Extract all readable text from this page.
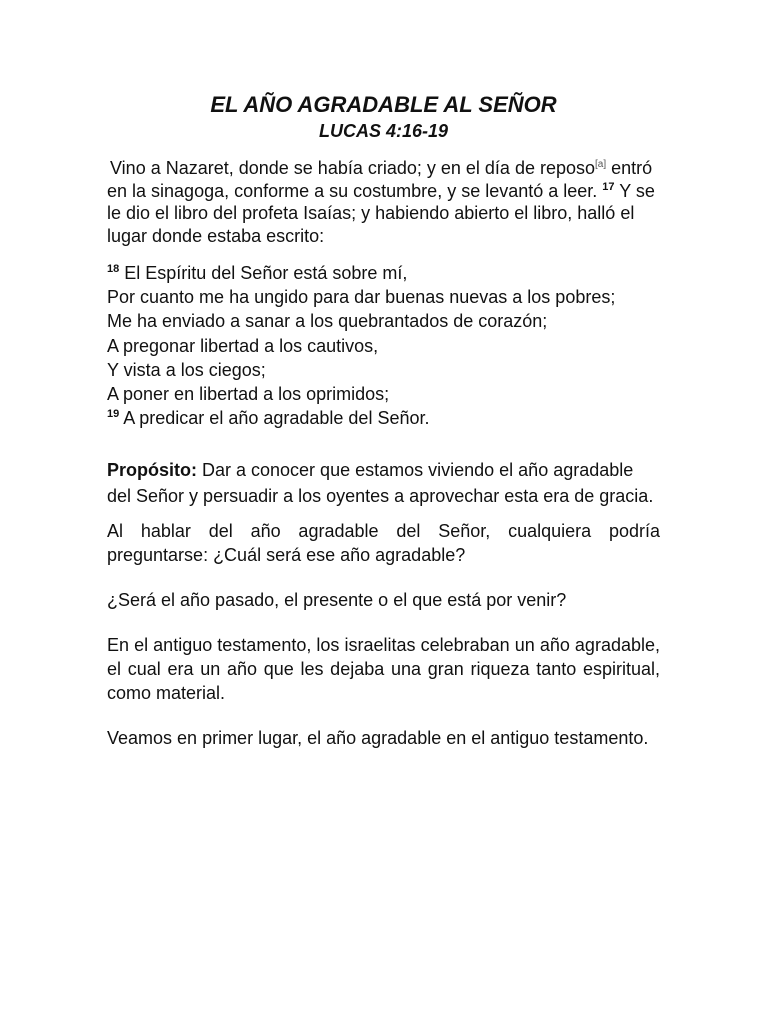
EL AÑO AGRADABLE AL SEÑOR
LUCAS 4:16-19

Vino a Nazaret, donde se había criado; y en el día de reposo[a] entró en la sinagoga, conforme a su costumbre, y se levantó a leer. $^{17}$ Y se le dio el libro del profeta Isaías; y habiendo abierto el libro, halló el lugar donde estaba escrito:

$^{18}$ El Espíritu del Señor está sobre mí,
Por cuanto me ha ungido para dar buenas nuevas a los pobres;
Me ha enviado a sanar a los quebrantados de corazón;
A pregonar libertad a los cautivos,
Y vista a los ciegos;
A poner en libertad a los oprimidos;
$^{19}$ A predicar el año agradable del Señor.

Propósito: Dar a conocer que estamos viviendo el año agradable del Señor y persuadir a los oyentes a aprovechar esta era de gracia.

Al hablar del año agradable del Señor, cualquiera podría preguntarse: ¿Cuál será ese año agradable?

¿Será el año pasado, el presente o el que está por venir?

En el antiguo testamento, los israelitas celebraban un año agradable, el cual era un año que les dejaba una gran riqueza tanto espiritual, como material.

Veamos en primer lugar, el año agradable en el antiguo testamento.
